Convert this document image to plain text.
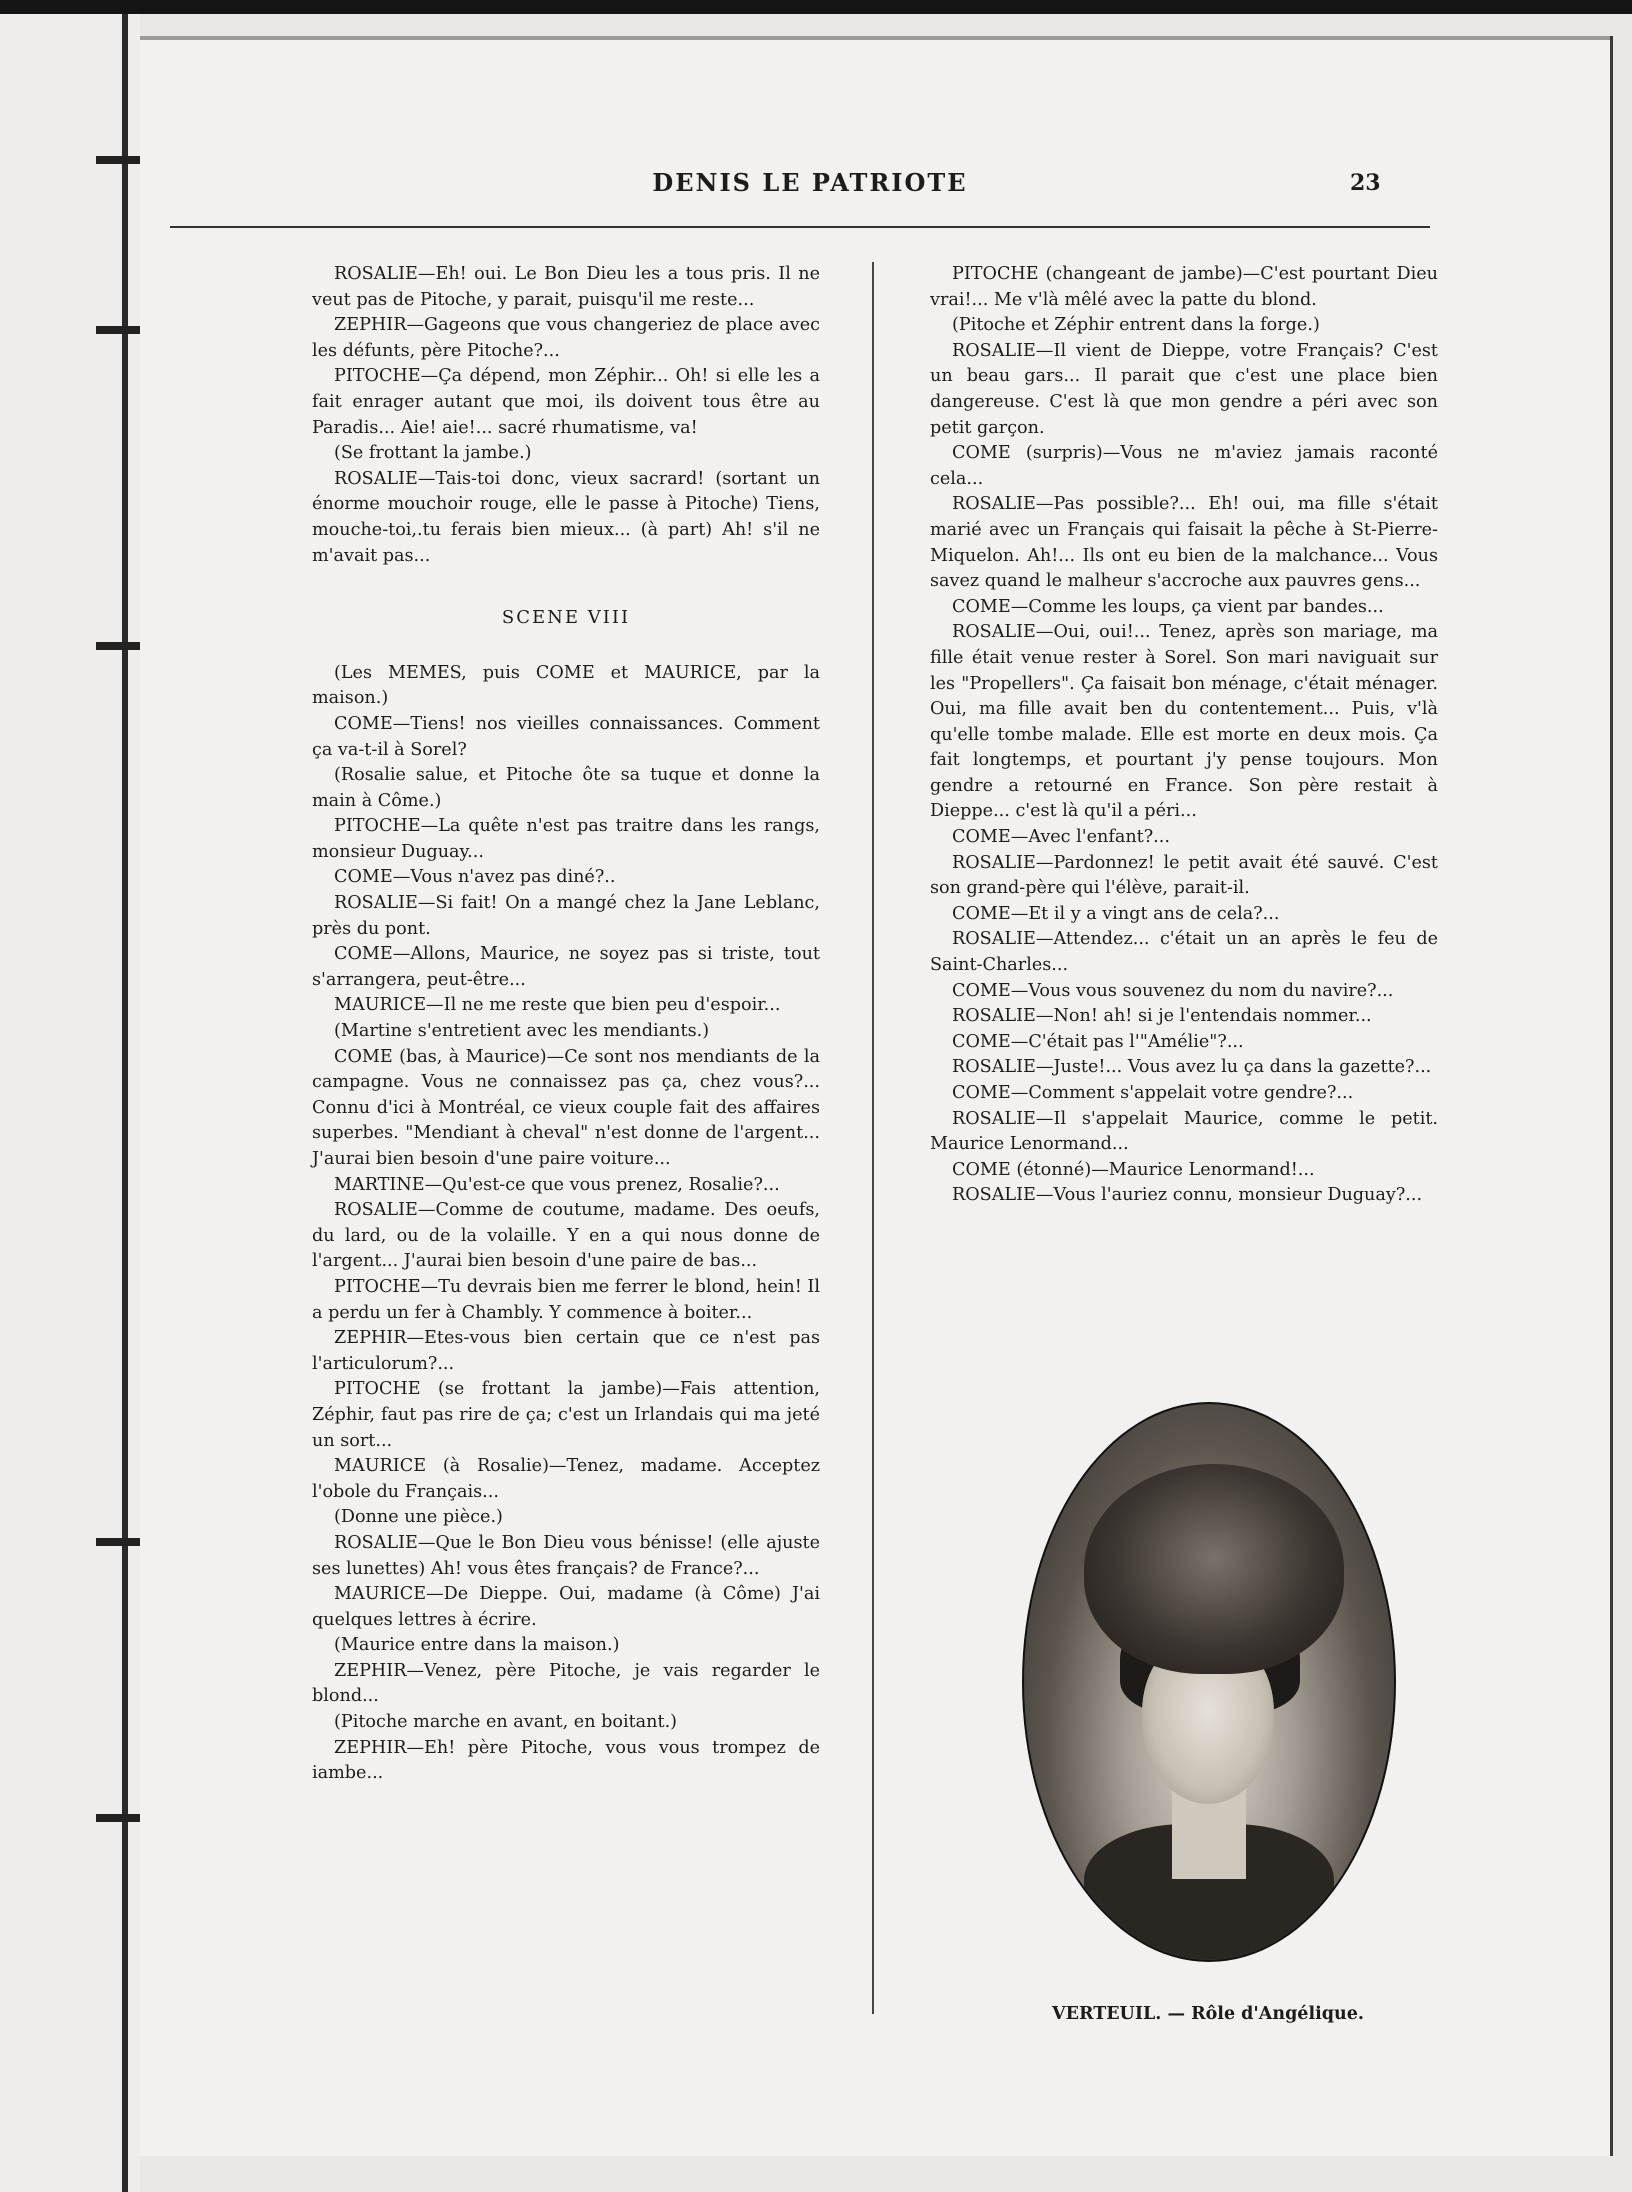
DENIS LE PATRIOTE	23

ROSALIE—Eh! oui. Le Bon Dieu les a tous pris. Il ne veut pas de Pitoche, y parait, puisqu'il me reste...

ZEPHIR—Gageons que vous changeriez de place avec les défunts, père Pitoche?...

PITOCHE—Ça dépend, mon Zéphir... Oh! si elle les a fait enrager autant que moi, ils doivent tous être au Paradis... Aie! aie!... sacré rhumatisme, va!

(Se frottant la jambe.)

ROSALIE—Tais-toi donc, vieux sacrard! (sortant un énorme mouchoir rouge, elle le passe à Pitoche) Tiens, mouche-toi,.tu ferais bien mieux... (à part) Ah! s'il ne m'avait pas...

SCENE VIII

(Les MEMES, puis COME et MAURICE, par la maison.)

COME—Tiens! nos vieilles connaissances. Comment ça va-t-il à Sorel?

(Rosalie salue, et Pitoche ôte sa tuque et donne la main à Côme.)

PITOCHE—La quête n'est pas traitre dans les rangs, monsieur Duguay...

COME—Vous n'avez pas diné?..

ROSALIE—Si fait! On a mangé chez la Jane Leblanc, près du pont.

COME—Allons, Maurice, ne soyez pas si triste, tout s'arrangera, peut-être...

MAURICE—Il ne me reste que bien peu d'espoir...

(Martine s'entretient avec les mendiants.)

COME (bas, à Maurice)—Ce sont nos mendiants de la campagne. Vous ne connaissez pas ça, chez vous?... Connu d'ici à Montréal, ce vieux couple fait des affaires superbes. "Mendiant à cheval" n'est donne de l'argent... J'aurai bien besoin d'une paire voiture...

MARTINE—Qu'est-ce que vous prenez, Rosalie?...

ROSALIE—Comme de coutume, madame. Des oeufs, du lard, ou de la volaille. Y en a qui nous donne de l'argent... J'aurai bien besoin d'une paire de bas...

PITOCHE—Tu devrais bien me ferrer le blond, hein! Il a perdu un fer à Chambly. Y commence à boiter...

ZEPHIR—Etes-vous bien certain que ce n'est pas l'articulorum?...

PITOCHE (se frottant la jambe)—Fais attention, Zéphir, faut pas rire de ça; c'est un Irlandais qui ma jeté un sort...

MAURICE (à Rosalie)—Tenez, madame. Acceptez l'obole du Français...

(Donne une pièce.)

ROSALIE—Que le Bon Dieu vous bénisse! (elle ajuste ses lunettes) Ah! vous êtes français? de France?...

MAURICE—De Dieppe. Oui, madame (à Côme) J'ai quelques lettres à écrire.

(Maurice entre dans la maison.)

ZEPHIR—Venez, père Pitoche, je vais regarder le blond...

(Pitoche marche en avant, en boitant.)

ZEPHIR—Eh! père Pitoche, vous vous trompez de iambe...

PITOCHE (changeant de jambe)—C'est pourtant Dieu vrai!... Me v'là mêlé avec la patte du blond.

(Pitoche et Zéphir entrent dans la forge.)

ROSALIE—Il vient de Dieppe, votre Français? C'est un beau gars... Il parait que c'est une place bien dangereuse. C'est là que mon gendre a péri avec son petit garçon.

COME (surpris)—Vous ne m'aviez jamais raconté cela...

ROSALIE—Pas possible?... Eh! oui, ma fille s'était marié avec un Français qui faisait la pêche à St-Pierre-Miquelon. Ah!... Ils ont eu bien de la malchance... Vous savez quand le malheur s'accroche aux pauvres gens...

COME—Comme les loups, ça vient par bandes...

ROSALIE—Oui, oui!... Tenez, après son mariage, ma fille était venue rester à Sorel. Son mari naviguait sur les "Propellers". Ça faisait bon ménage, c'était ménager. Oui, ma fille avait ben du contentement... Puis, v'là qu'elle tombe malade. Elle est morte en deux mois. Ça fait longtemps, et pourtant j'y pense toujours. Mon gendre a retourné en France. Son père restait à Dieppe... c'est là qu'il a péri...

COME—Avec l'enfant?...

ROSALIE—Pardonnez! le petit avait été sauvé. C'est son grand-père qui l'élève, parait-il.

COME—Et il y a vingt ans de cela?...

ROSALIE—Attendez... c'était un an après le feu de Saint-Charles...

COME—Vous vous souvenez du nom du navire?...

ROSALIE—Non! ah! si je l'entendais nommer...

COME—C'était pas l'"Amélie"?...

ROSALIE—Juste!... Vous avez lu ça dans la gazette?...

COME—Comment s'appelait votre gendre?...

ROSALIE—Il s'appelait Maurice, comme le petit. Maurice Lenormand...

COME (étonné)—Maurice Lenormand!...

ROSALIE—Vous l'auriez connu, monsieur Duguay?...

VERTEUIL. — Rôle d'Angélique.
